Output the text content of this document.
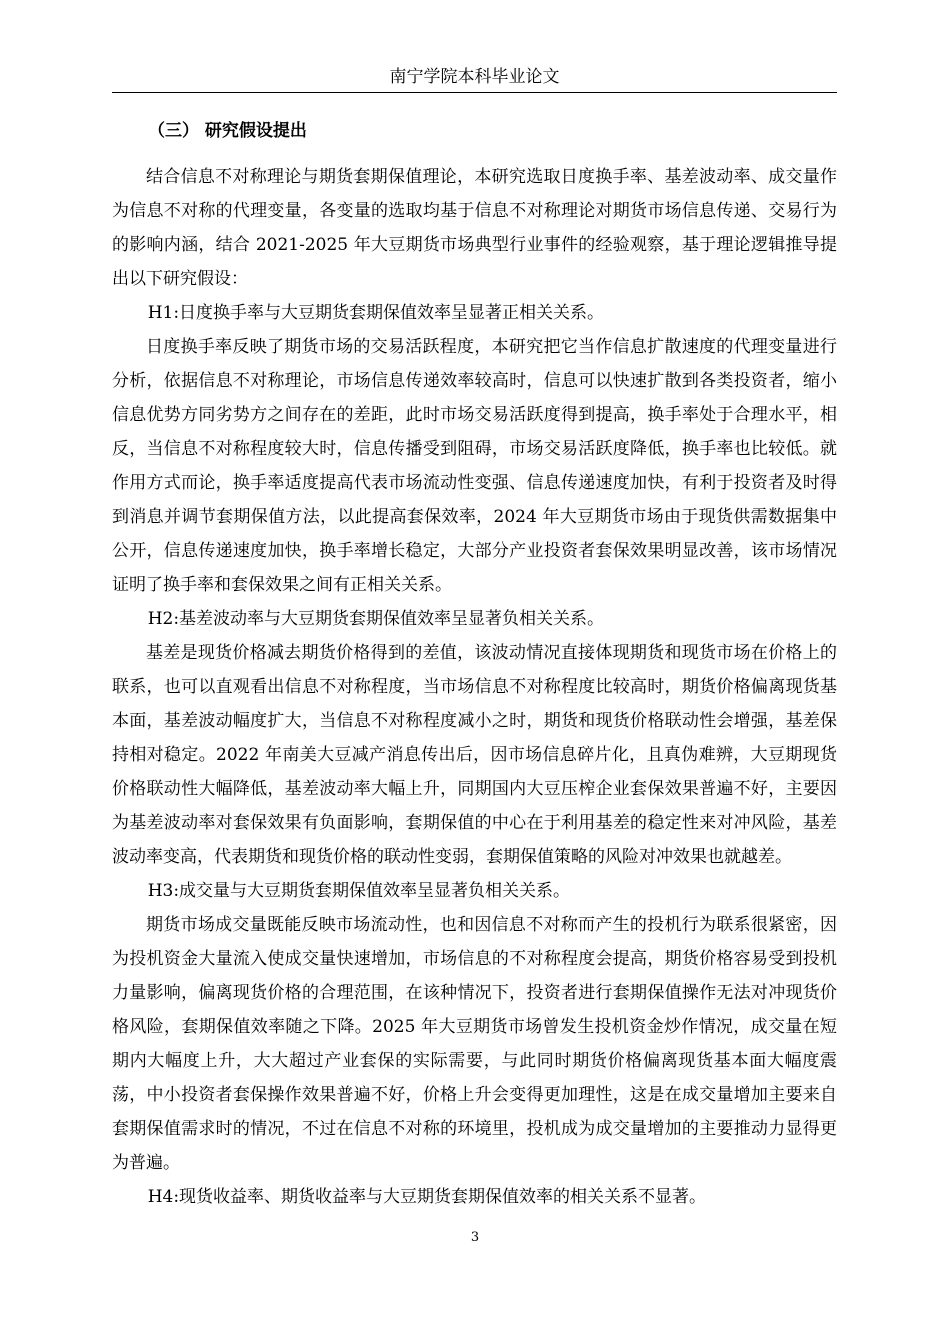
南宁学院本科毕业论文
（三） 研究假设提出

结合信息不对称理论与期货套期保值理论，本研究选取日度换手率、基差波动率、成交量作为信息不对称的代理变量，各变量的选取均基于信息不对称理论对期货市场信息传递、交易行为的影响内涵，结合 2021-2025 年大豆期货市场典型行业事件的经验观察，基于理论逻辑推导提出以下研究假设：

H1:日度换手率与大豆期货套期保值效率呈显著正相关关系。

日度换手率反映了期货市场的交易活跃程度，本研究把它当作信息扩散速度的代理变量进行分析，依据信息不对称理论，市场信息传递效率较高时，信息可以快速扩散到各类投资者，缩小信息优势方同劣势方之间存在的差距，此时市场交易活跃度得到提高，换手率处于合理水平，相反，当信息不对称程度较大时，信息传播受到阻碍，市场交易活跃度降低，换手率也比较低。就作用方式而论，换手率适度提高代表市场流动性变强、信息传递速度加快，有利于投资者及时得到消息并调节套期保值方法，以此提高套保效率，2024 年大豆期货市场由于现货供需数据集中公开，信息传递速度加快，换手率增长稳定，大部分产业投资者套保效果明显改善，该市场情况证明了换手率和套保效果之间有正相关关系。

H2:基差波动率与大豆期货套期保值效率呈显著负相关关系。

基差是现货价格减去期货价格得到的差值，该波动情况直接体现期货和现货市场在价格上的联系，也可以直观看出信息不对称程度，当市场信息不对称程度比较高时，期货价格偏离现货基本面，基差波动幅度扩大，当信息不对称程度减小之时，期货和现货价格联动性会增强，基差保持相对稳定。2022 年南美大豆减产消息传出后，因市场信息碎片化，且真伪难辨，大豆期现货价格联动性大幅降低，基差波动率大幅上升，同期国内大豆压榨企业套保效果普遍不好，主要因为基差波动率对套保效果有负面影响，套期保值的中心在于利用基差的稳定性来对冲风险，基差波动率变高，代表期货和现货价格的联动性变弱，套期保值策略的风险对冲效果也就越差。

H3:成交量与大豆期货套期保值效率呈显著负相关关系。

期货市场成交量既能反映市场流动性，也和因信息不对称而产生的投机行为联系很紧密，因为投机资金大量流入使成交量快速增加，市场信息的不对称程度会提高，期货价格容易受到投机力量影响，偏离现货价格的合理范围，在该种情况下，投资者进行套期保值操作无法对冲现货价格风险，套期保值效率随之下降。2025 年大豆期货市场曾发生投机资金炒作情况，成交量在短期内大幅度上升，大大超过产业套保的实际需要，与此同时期货价格偏离现货基本面大幅度震荡，中小投资者套保操作效果普遍不好，价格上升会变得更加理性，这是在成交量增加主要来自套期保值需求时的情况，不过在信息不对称的环境里，投机成为成交量增加的主要推动力显得更为普遍。

H4:现货收益率、期货收益率与大豆期货套期保值效率的相关关系不显著。

3
